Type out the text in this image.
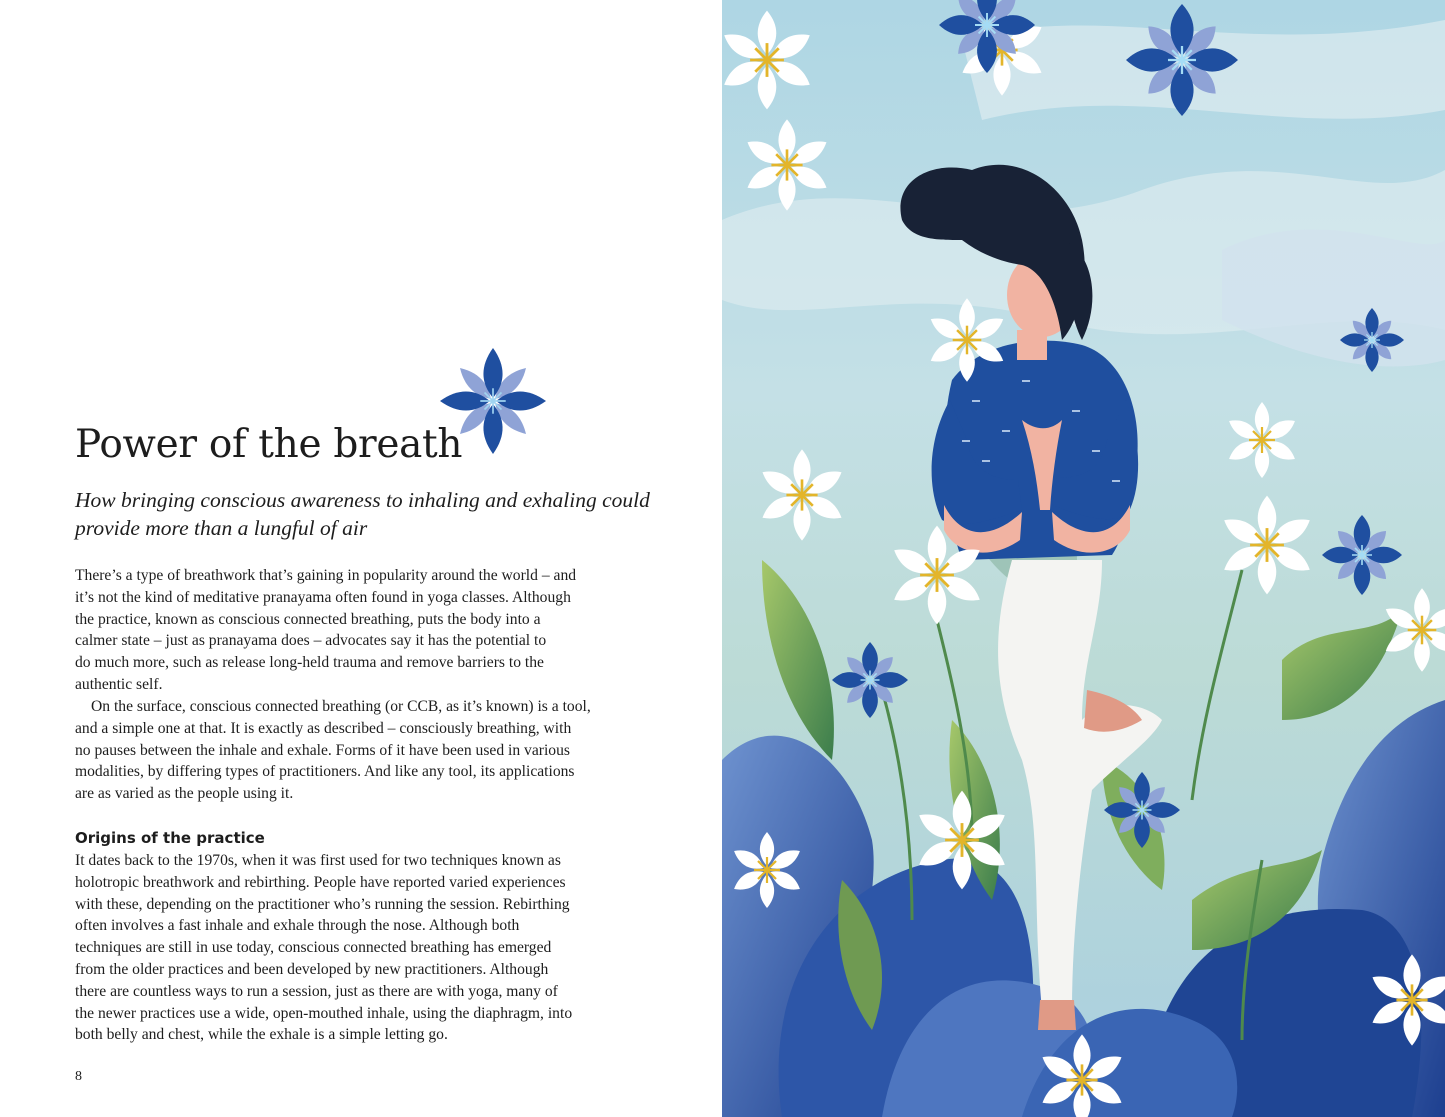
Power of the breath

How bringing conscious awareness to inhaling and exhaling could provide more than a lungful of air

There’s a type of breathwork that’s gaining in popularity around the world – and
it’s not the kind of meditative pranayama often found in yoga classes. Although
the practice, known as conscious connected breathing, puts the body into a
calmer state – just as pranayama does – advocates say it has the potential to
do much more, such as release long-held trauma and remove barriers to the
authentic self.
On the surface, conscious connected breathing (or CCB, as it’s known) is a tool,
and a simple one at that. It is exactly as described – consciously breathing, with
no pauses between the inhale and exhale. Forms of it have been used in various
modalities, by differing types of practitioners. And like any tool, its applications
are as varied as the people using it.
Origins of the practice
It dates back to the 1970s, when it was first used for two techniques known as
holotropic breathwork and rebirthing. People have reported varied experiences
with these, depending on the practitioner who’s running the session. Rebirthing
often involves a fast inhale and exhale through the nose. Although both
techniques are still in use today, conscious connected breathing has emerged
from the older practices and been developed by new practitioners. Although
there are countless ways to run a session, just as there are with yoga, many of
the newer practices use a wide, open-mouthed inhale, using the diaphragm, into
both belly and chest, while the exhale is a simple letting go.
8
